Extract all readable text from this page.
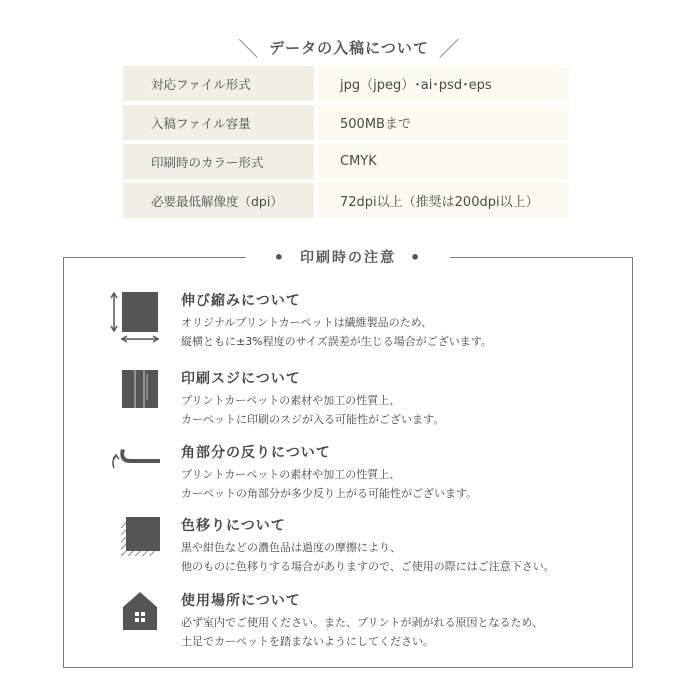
＼ データの入稿について ／
対応ファイル形式	jpg（jpeg）･ai･psd･eps
入稿ファイル容量	500MBまで
印刷時のカラー形式	CMYK
必要最低解像度（dpi）	72dpi以上（推奨は200dpi以上）
• 印刷時の注意 •
伸び縮みについて
オリジナルプリントカーペットは繊維製品のため、
縦横ともに±3%程度のサイズ誤差が生じる場合がございます。
印刷スジについて
プリントカーペットの素材や加工の性質上、
カーペットに印刷のスジが入る可能性がございます。
角部分の反りについて
プリントカーペットの素材や加工の性質上、
カーペットの角部分が多少反り上がる可能性がございます。
色移りについて
黒や紺色などの濃色品は過度の摩擦により、
他のものに色移りする場合がありますので、ご使用の際にはご注意下さい。
使用場所について
必ず室内でご使用ください。また、プリントが剥がれる原因となるため、
土足でカーペットを踏まないようにしてください。
